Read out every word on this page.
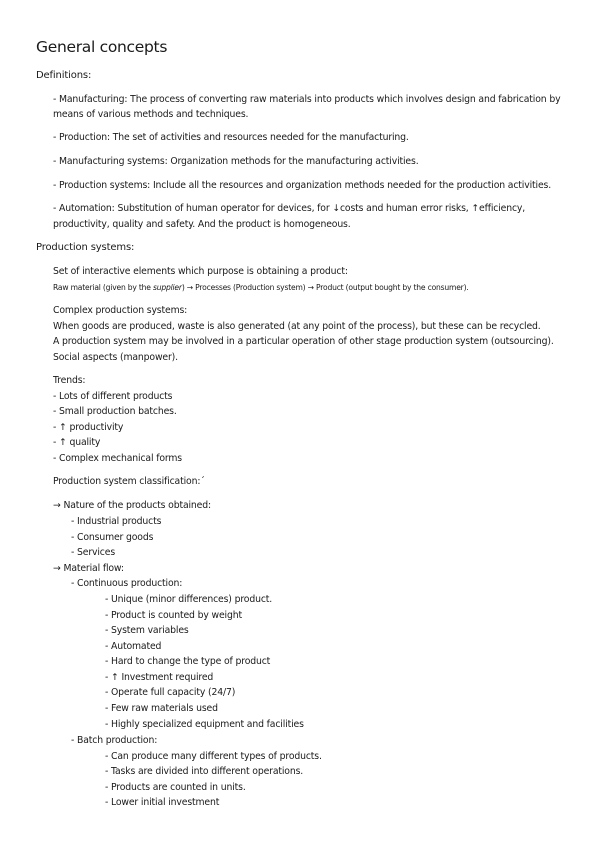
General concepts
Definitions:
- Manufacturing: The process of converting raw materials into products which involves design and fabrication by
means of various methods and techniques.
- Production: The set of activities and resources needed for the manufacturing.
- Manufacturing systems: Organization methods for the manufacturing activities.
- Production systems: Include all the resources and organization methods needed for the production activities.
- Automation: Substitution of human operator for devices, for ↓costs and human error risks, ↑efficiency,
productivity, quality and safety. And the product is homogeneous.
Production systems:
Set of interactive elements which purpose is obtaining a product:
Raw material (given by the supplier) → Processes (Production system) → Product (output bought by the consumer).
Complex production systems:
When goods are produced, waste is also generated (at any point of the process), but these can be recycled.
A production system may be involved in a particular operation of other stage production system (outsourcing).
Social aspects (manpower).
Trends:
- Lots of different products
- Small production batches.
- ↑ productivity
- ↑ quality
- Complex mechanical forms
Production system classification:´
→ Nature of the products obtained:
- Industrial products
- Consumer goods
- Services
→ Material flow:
- Continuous production:
- Unique (minor differences) product.
- Product is counted by weight
- System variables
- Automated
- Hard to change the type of product
- ↑ Investment required
- Operate full capacity (24/7)
- Few raw materials used
- Highly specialized equipment and facilities
- Batch production:
- Can produce many different types of products.
- Tasks are divided into different operations.
- Products are counted in units.
- Lower initial investment
